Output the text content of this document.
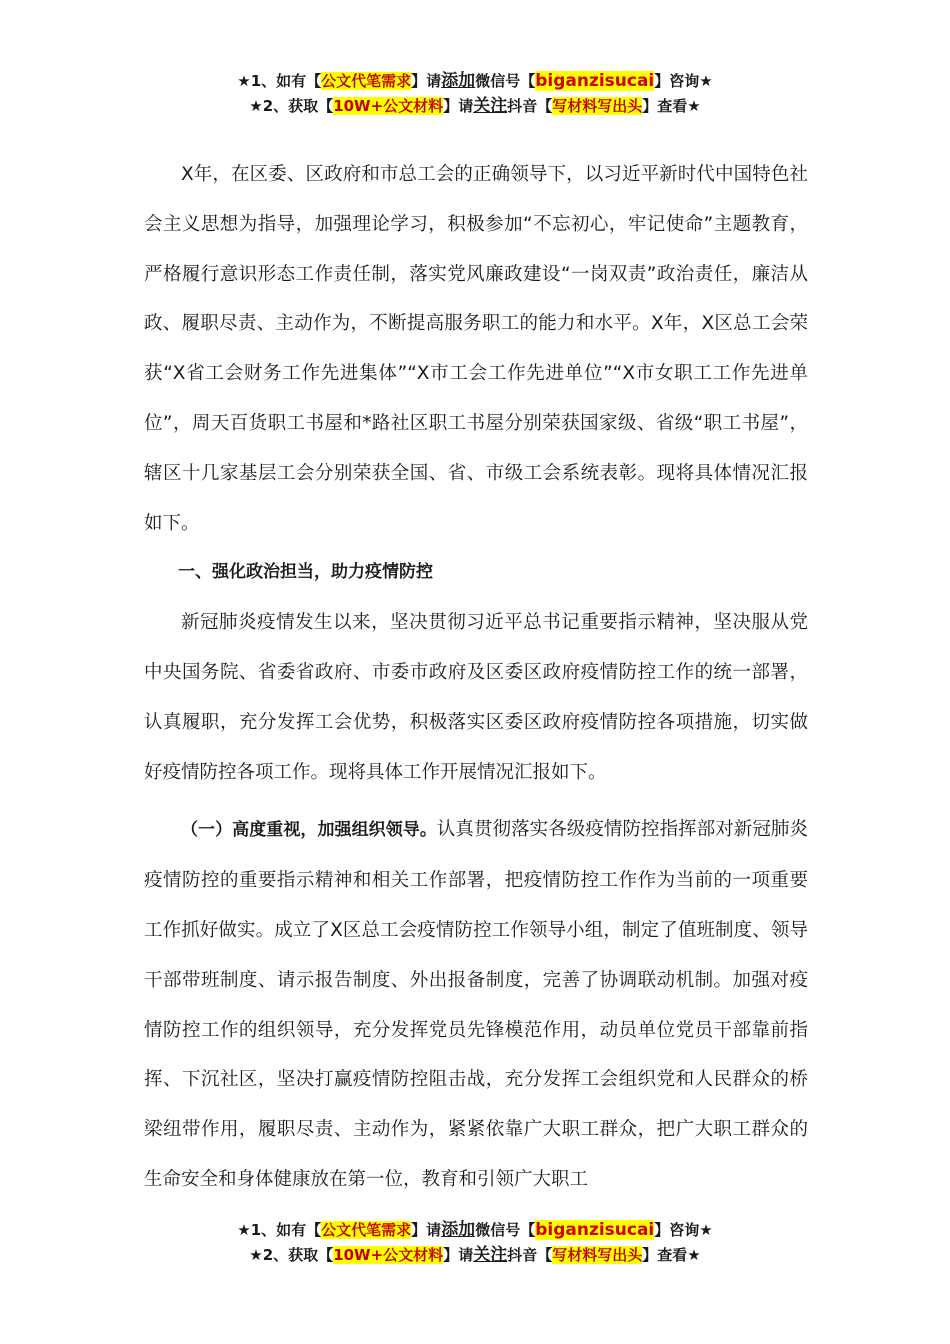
★1、如有【公文代笔需求】请添加微信号【biganzisucai】咨询★
★2、获取【10W+公文材料】请关注抖音【写材料写出头】查看★

X年，在区委、区政府和市总工会的正确领导下，以习近平新时代中国特色社会主义思想为指导，加强理论学习，积极参加“不忘初心，牢记使命”主题教育，严格履行意识形态工作责任制，落实党风廉政建设“一岗双责”政治责任，廉洁从政、履职尽责、主动作为，不断提高服务职工的能力和水平。X年，X区总工会荣获“X省工会财务工作先进集体”“X市工会工作先进单位”“X市女职工工作先进单位”，周天百货职工书屋和*路社区职工书屋分别荣获国家级、省级“职工书屋”，辖区十几家基层工会分别荣获全国、省、市级工会系统表彰。现将具体情况汇报如下。

一、强化政治担当，助力疫情防控

新冠肺炎疫情发生以来，坚决贯彻习近平总书记重要指示精神，坚决服从党中央国务院、省委省政府、市委市政府及区委区政府疫情防控工作的统一部署，认真履职，充分发挥工会优势，积极落实区委区政府疫情防控各项措施，切实做好疫情防控各项工作。现将具体工作开展情况汇报如下。

（一）高度重视，加强组织领导。认真贯彻落实各级疫情防控指挥部对新冠肺炎疫情防控的重要指示精神和相关工作部署，把疫情防控工作作为当前的一项重要工作抓好做实。成立了X区总工会疫情防控工作领导小组，制定了值班制度、领导干部带班制度、请示报告制度、外出报备制度，完善了协调联动机制。加强对疫情防控工作的组织领导，充分发挥党员先锋模范作用，动员单位党员干部靠前指挥、下沉社区，坚决打赢疫情防控阻击战，充分发挥工会组织党和人民群众的桥梁纽带作用，履职尽责、主动作为，紧紧依靠广大职工群众，把广大职工群众的生命安全和身体健康放在第一位，教育和引领广大职工

★1、如有【公文代笔需求】请添加微信号【biganzisucai】咨询★
★2、获取【10W+公文材料】请关注抖音【写材料写出头】查看★
